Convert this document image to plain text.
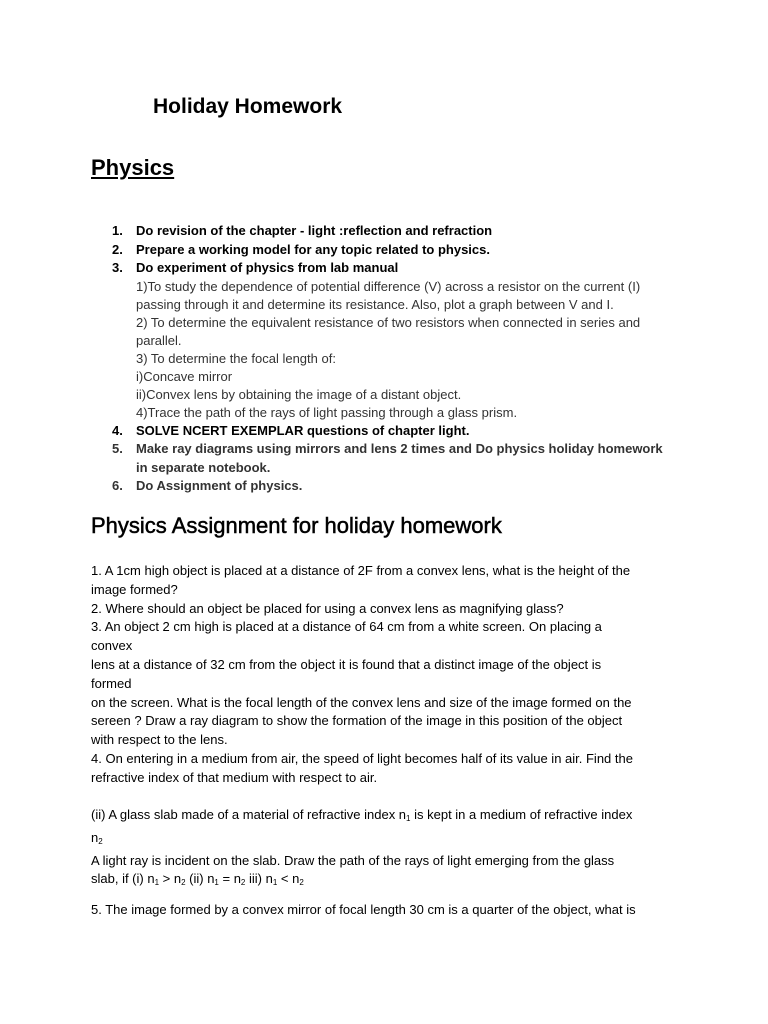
Holiday Homework
Physics
1. Do revision of the chapter - light :reflection and refraction
2. Prepare a working model for any topic related to physics.
3. Do experiment of physics from lab manual
1)To study the dependence of potential difference (V) across a resistor on the current (I)
passing through it and determine its resistance. Also, plot a graph between V and I.
2) To determine the equivalent resistance of two resistors when connected in series and
parallel.
3) To determine the focal length of:
i)Concave mirror
ii)Convex lens by obtaining the image of a distant object.
4)Trace the path of the rays of light passing through a glass prism.
4. SOLVE NCERT EXEMPLAR questions of chapter light.
5. Make ray diagrams using mirrors and lens 2 times and Do physics holiday homework
in separate notebook.
6. Do Assignment of physics.
Physics Assignment for holiday homework
1. A 1cm high object is placed at a distance of 2F from a convex lens, what is the height of the
image formed?
2. Where should an object be placed for using a convex lens as magnifying glass?
3. An object 2 cm high is placed at a distance of 64 cm from a white screen. On placing a
convex
lens at a distance of 32 cm from the object it is found that a distinct image of the object is
formed
on the screen. What is the focal length of the convex lens and size of the image formed on the
sereen ? Draw a ray diagram to show the formation of the image in this position of the object
with respect to the lens.
4. On entering in a medium from air, the speed of light becomes half of its value in air. Find the
refractive index of that medium with respect to air.
(ii) A glass slab made of a material of refractive index $n_1$ is kept in a medium of refractive index
$n_2$
A light ray is incident on the slab. Draw the path of the rays of light emerging from the glass
slab, if (i) $n_1 > n_2$ (ii) $n_1 = n_2$ iii) $n_1 < n_2$
5. The image formed by a convex mirror of focal length 30 cm is a quarter of the object, what is
